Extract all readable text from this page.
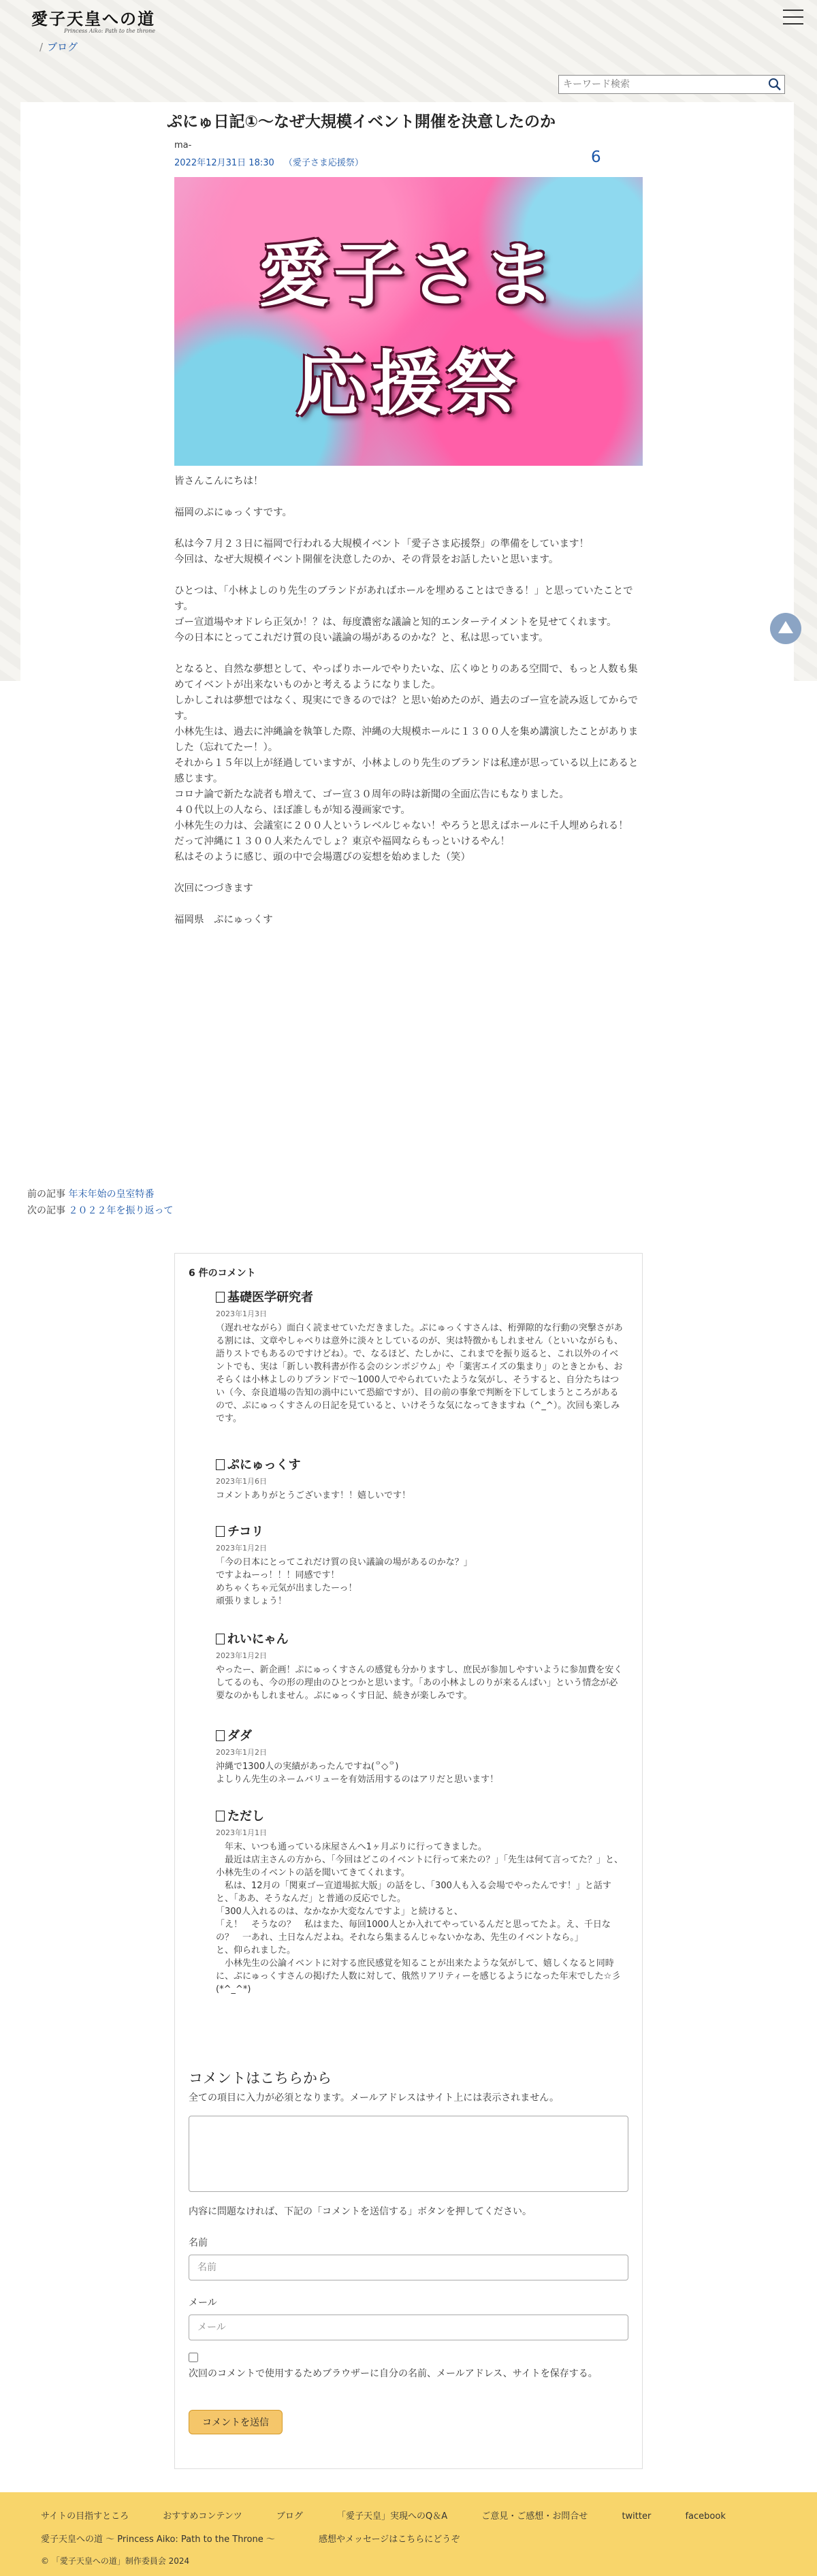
愛子天皇への道
Princess Aiko: Path to the throne
/ ブログ
キーワード検索
ぷにゅ日記①～なぜ大規模イベント開催を決意したのか
ma-
2022年12月31日 18:30 （愛子さま応援祭）	6
愛子さま
応援祭

皆さんこんにちは！

福岡のぷにゅっくすです。

私は今７月２３日に福岡で行われる大規模イベント「愛子さま応援祭」の準備をしています！
今回は、なぜ大規模イベント開催を決意したのか、その背景をお話したいと思います。

ひとつは、「小林よしのり先生のブランドがあればホールを埋めることはできる！」と思っていたことです。
ゴー宣道場やオドレら正気か！？は、毎度濃密な議論と知的エンターテイメントを見せてくれます。
今の日本にとってこれだけ質の良い議論の場があるのかな？と、私は思っています。

となると、自然な夢想として、やっぱりホールでやりたいな、広くゆとりのある空間で、もっと人数も集めてイベントが出来ないものかと考えるようになりました。
しかしこれは夢想ではなく、現実にできるのでは？と思い始めたのが、過去のゴー宣を読み返してからです。
小林先生は、過去に沖縄論を執筆した際、沖縄の大規模ホールに１３００人を集め講演したことがありました（忘れてたー！）。
それから１５年以上が経過していますが、小林よしのり先生のブランドは私達が思っている以上にあると感じます。
コロナ論で新たな読者も増えて、ゴー宣３０周年の時は新聞の全面広告にもなりました。
４０代以上の人なら、ほぼ誰しもが知る漫画家です。
小林先生の力は、会議室に２００人というレベルじゃない！やろうと思えばホールに千人埋められる！
だって沖縄に１３００人来たんでしょ？東京や福岡ならもっといけるやん！
私はそのように感じ、頭の中で会場選びの妄想を始めました（笑）

次回につづきます

福岡県　ぷにゅっくす

前の記事 年末年始の皇室特番
次の記事 ２０２２年を振り返って
6 件のコメント
基礎医学研究者
2023年1月3日
（遅れせながら）面白く読ませていただきました。ぷにゅっくすさんは、桁弾隙的な行動の突撃さがある割には、文章やしゃべりは意外に淡々としているのが、実は特徴かもしれません（といいながらも、語りストでもあるのですけどね）。で、なるほど、たしかに、これまでを振り返ると、これ以外のイベントでも、実は「新しい教科書が作る会のシンポジウム」や「薬害エイズの集まり」のときとかも、おそらくは小林よしのりブランドで〜1000人でやられていたような気がし、そうすると、自分たちはつい（今、奈良道場の告知の渦中にいて恐縮ですが）、目の前の事象で判断を下してしまうところがあるので、ぷにゅっくすさんの日記を見ていると、いけそうな気になってきますね（^_^）。次回も楽しみです。
ぷにゅっくす
2023年1月6日
コメントありがとうございます！！嬉しいです！
チコリ
2023年1月2日
「今の日本にとってこれだけ質の良い議論の場があるのかな？」
ですよねーっ！！！同感です！
めちゃくちゃ元気が出ましたーっ！
頑張りましょう！
れいにゃん
2023年1月2日
やったー、新企画！ぷにゅっくすさんの感覚も分かりますし、庶民が参加しやすいように参加費を安くしてるのも、今の形の理由のひとつかと思います。「あの小林よしのりが来るんぱい」という情念が必要なのかもしれません。ぷにゅっくす日記、続きが楽しみです。
ダダ
2023年1月2日
沖縄で1300人の実績があったんですね(꒪◇꒪)
よしりん先生のネームバリューを有効活用するのはアリだと思います！
ただし
2023年1月1日
　年末、いつも通っている床屋さんへ1ヶ月ぶりに行ってきました。
　最近は店主さんの方から、「今回はどこのイベントに行って来たの？」「先生は何て言ってた？」と、小林先生のイベントの話を聞いてきてくれます。
　私は、12月の「関東ゴー宣道場拡大版」の話をし、「300人も入る会場でやったんです！」と話すと、「ああ、そうなんだ」と普通の反応でした。
「300人入れるのは、なかなか大変なんですよ」と続けると、
「え！　そうなの？　私はまた、毎回1000人とか入れてやっているんだと思ってたよ。え、千日なの？　一あれ、土日なんだよね。それなら集まるんじゃないかなあ、先生のイベントなら。」
と、仰られました。
　小林先生の公論イベントに対する庶民感覚を知ることが出来たような気がして、嬉しくなると同時に、ぷにゅっくすさんの掲げた人数に対して、俄然リアリティーを感じるようになった年末でした☆彡
(*^_^*)
コメントはこちらから
全ての項目に入力が必須となります。メールアドレスはサイト上には表示されません。
内容に問題なければ、下記の「コメントを送信する」ボタンを押してください。
名前
名前
メール
メール
次回のコメントで使用するためブラウザーに自分の名前、メールアドレス、サイトを保存する。
コメントを送信
サイトの目指すところ	おすすめコンテンツ	ブログ	「愛子天皇」実現へのQ＆A	ご意見・ご感想・お問合せ	twitter	facebook
愛子天皇への道 〜 Princess Aiko: Path to the Throne 〜	感想やメッセージはこちらにどうぞ
© 「愛子天皇への道」制作委員会 2024
